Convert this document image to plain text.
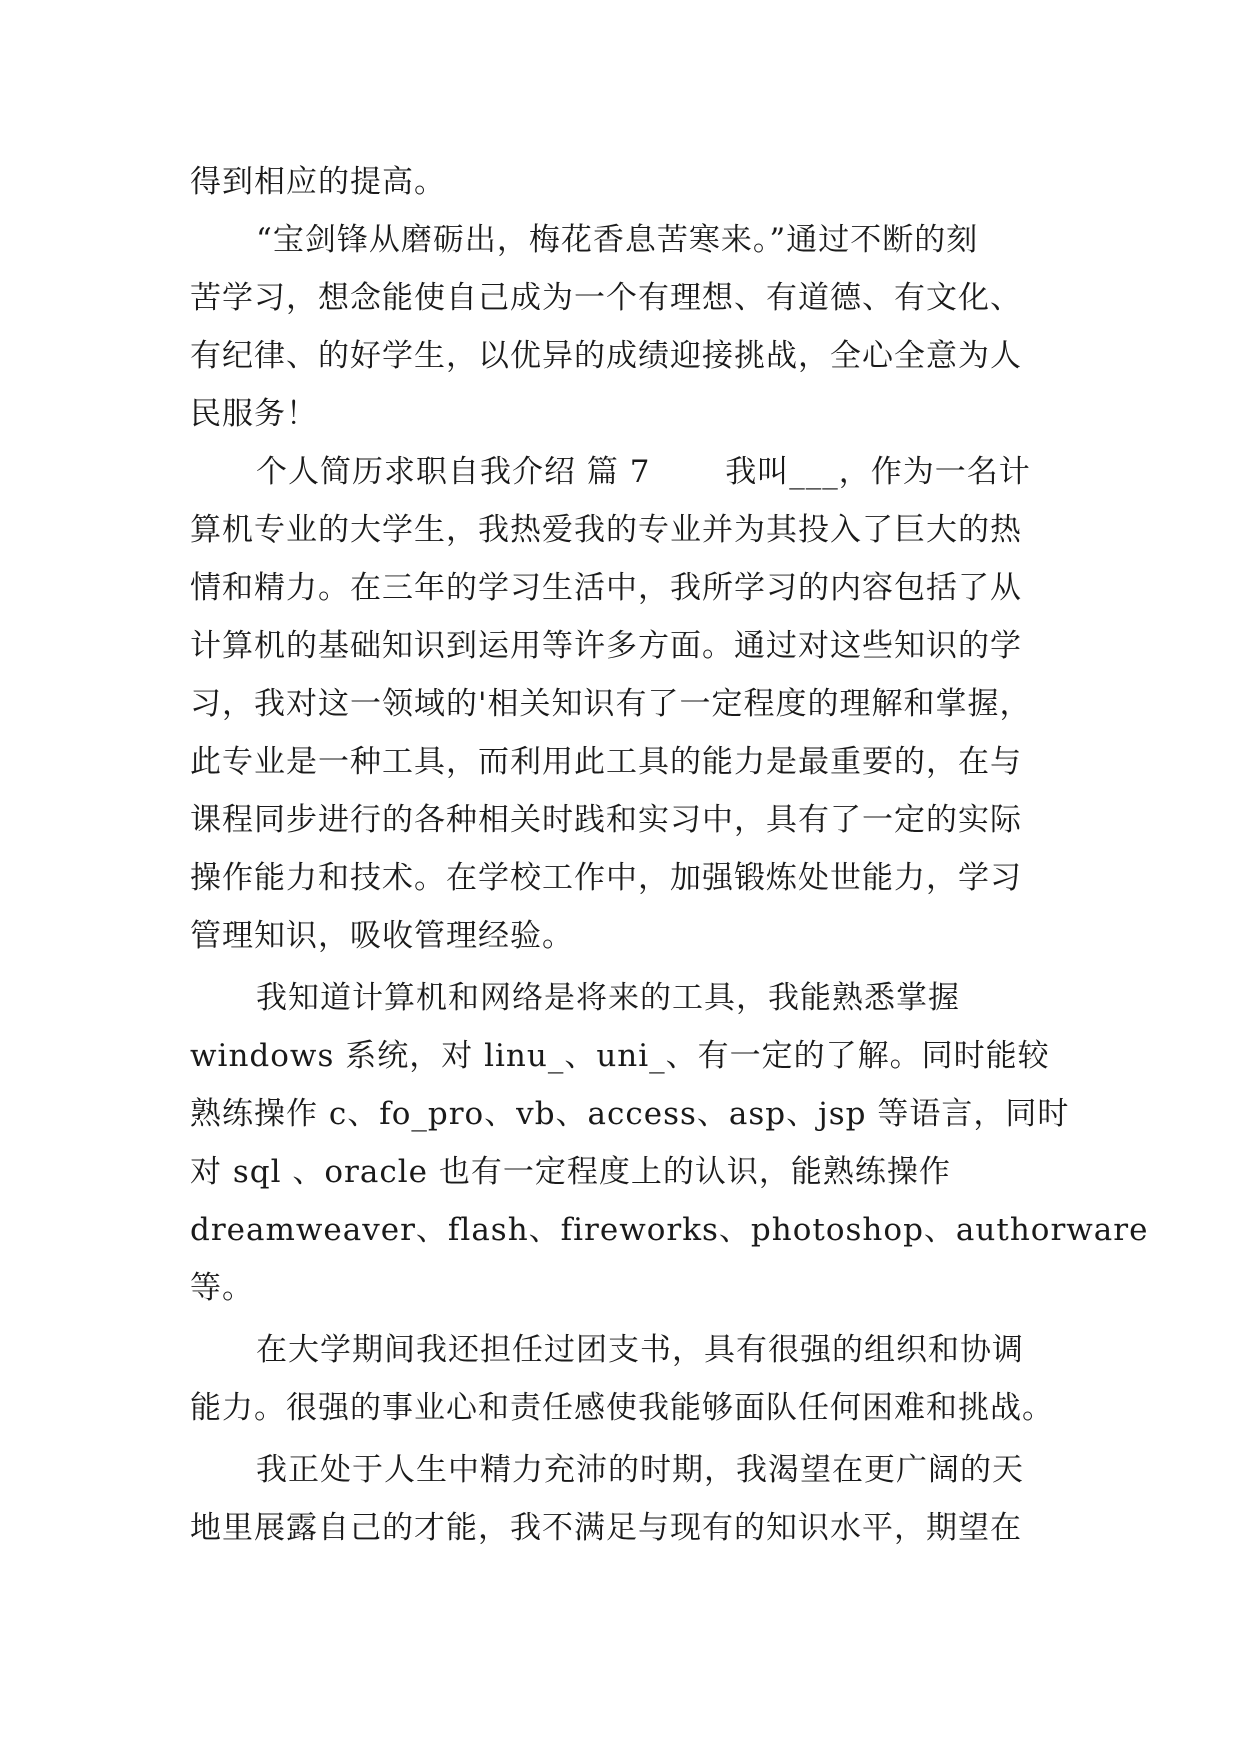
得到相应的提高。
“宝剑锋从磨砺出，梅花香息苦寒来。”通过不断的刻
苦学习，想念能使自己成为一个有理想、有道德、有文化、
有纪律、的好学生，以优异的成绩迎接挑战，全心全意为人
民服务！
个人简历求职自我介绍 篇 7 　　我叫___，作为一名计
算机专业的大学生，我热爱我的专业并为其投入了巨大的热
情和精力。在三年的学习生活中，我所学习的内容包括了从
计算机的基础知识到运用等许多方面。通过对这些知识的学
习，我对这一领域的'相关知识有了一定程度的理解和掌握，
此专业是一种工具，而利用此工具的能力是最重要的，在与
课程同步进行的各种相关时践和实习中，具有了一定的实际
操作能力和技术。在学校工作中，加强锻炼处世能力，学习
管理知识，吸收管理经验。
我知道计算机和网络是将来的工具，我能熟悉掌握
windows 系统，对 linu_、uni_、有一定的了解。同时能较
熟练操作 c、fo_pro、vb、access、asp、jsp 等语言，同时
对 sql 、oracle 也有一定程度上的认识，能熟练操作
dreamweaver、flash、fireworks、photoshop、authorware
等。
在大学期间我还担任过团支书，具有很强的组织和协调
能力。很强的事业心和责任感使我能够面队任何困难和挑战。
我正处于人生中精力充沛的时期，我渴望在更广阔的天
地里展露自己的才能，我不满足与现有的知识水平，期望在
